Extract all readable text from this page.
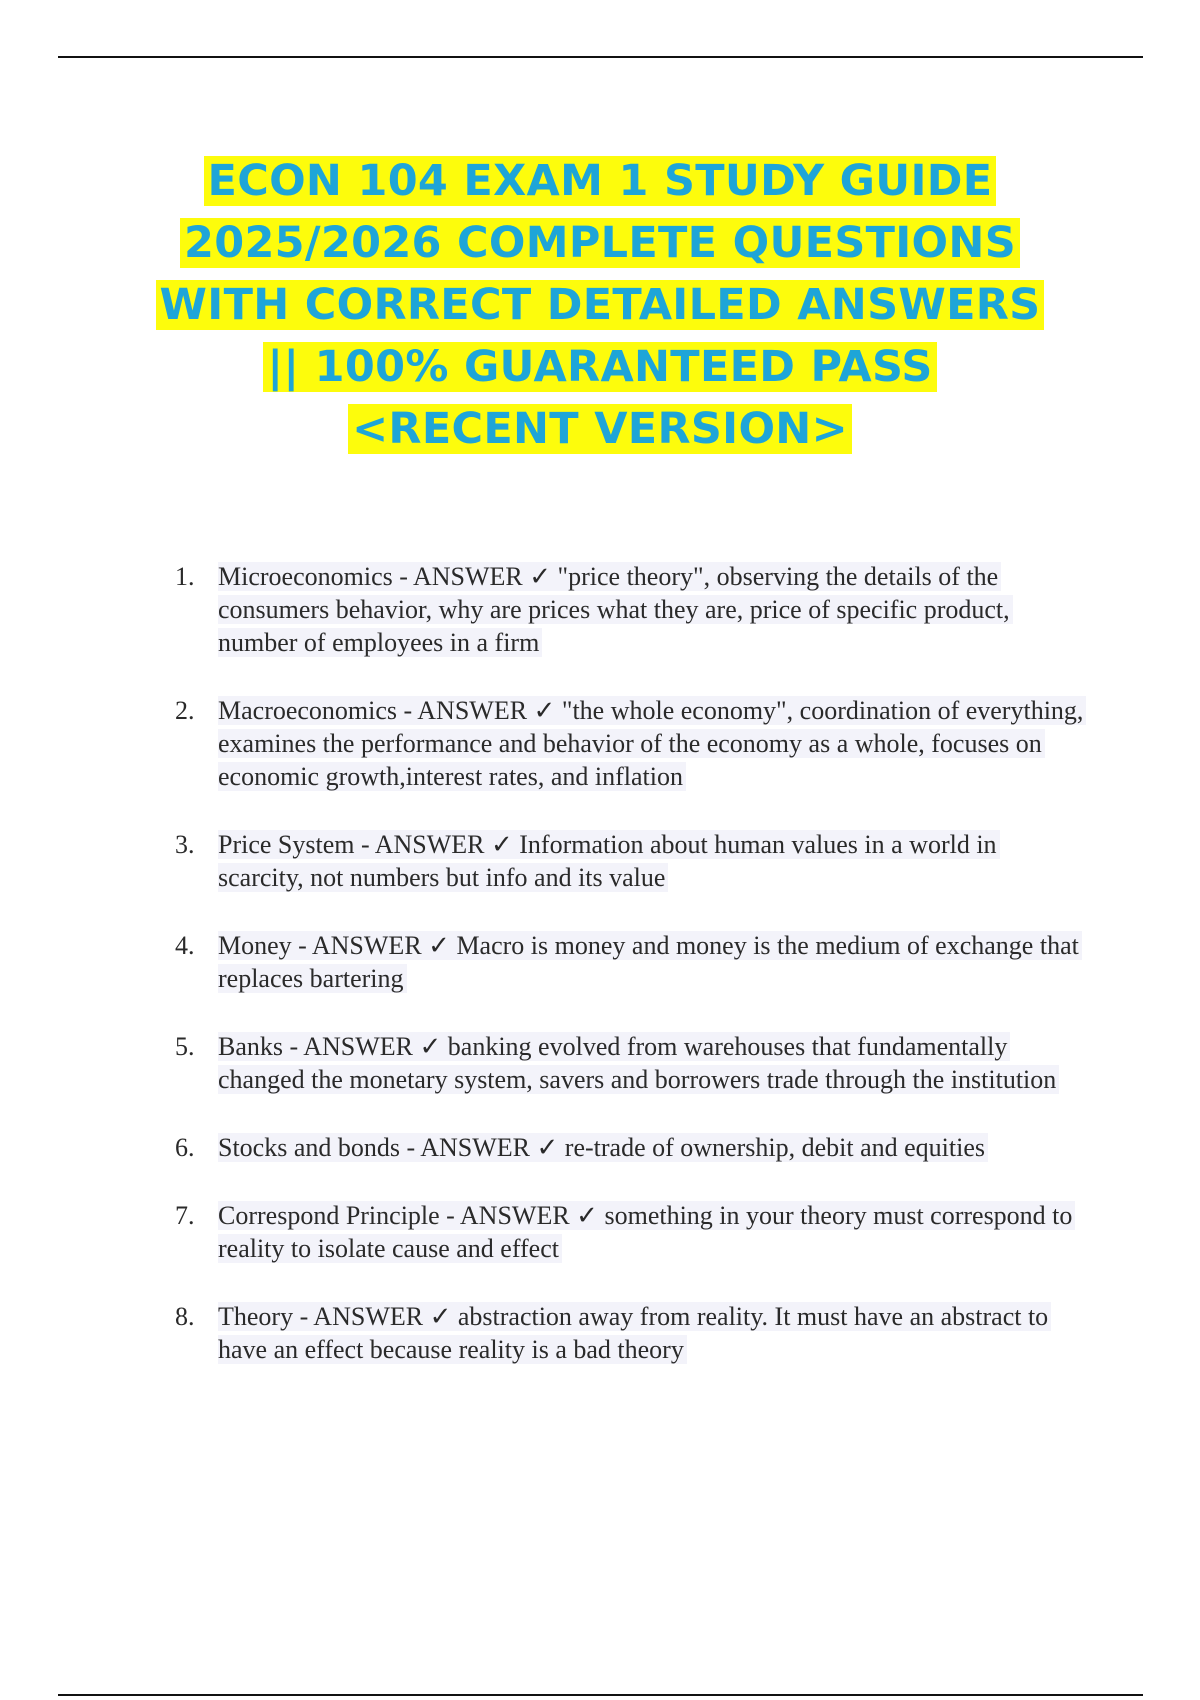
ECON 104 EXAM 1 STUDY GUIDE
2025/2026 COMPLETE QUESTIONS
WITH CORRECT DETAILED ANSWERS
|| 100% GUARANTEED PASS
<RECENT VERSION>
1. Microeconomics - ANSWER ✓ "price theory", observing the details of the consumers behavior, why are prices what they are, price of specific product, number of employees in a firm
2. Macroeconomics - ANSWER ✓ "the whole economy", coordination of everything, examines the performance and behavior of the economy as a whole, focuses on economic growth,interest rates, and inflation
3. Price System - ANSWER ✓ Information about human values in a world in scarcity, not numbers but info and its value
4. Money - ANSWER ✓ Macro is money and money is the medium of exchange that replaces bartering
5. Banks - ANSWER ✓ banking evolved from warehouses that fundamentally changed the monetary system, savers and borrowers trade through the institution
6. Stocks and bonds - ANSWER ✓ re-trade of ownership, debit and equities
7. Correspond Principle - ANSWER ✓ something in your theory must correspond to reality to isolate cause and effect
8. Theory - ANSWER ✓ abstraction away from reality. It must have an abstract to have an effect because reality is a bad theory
